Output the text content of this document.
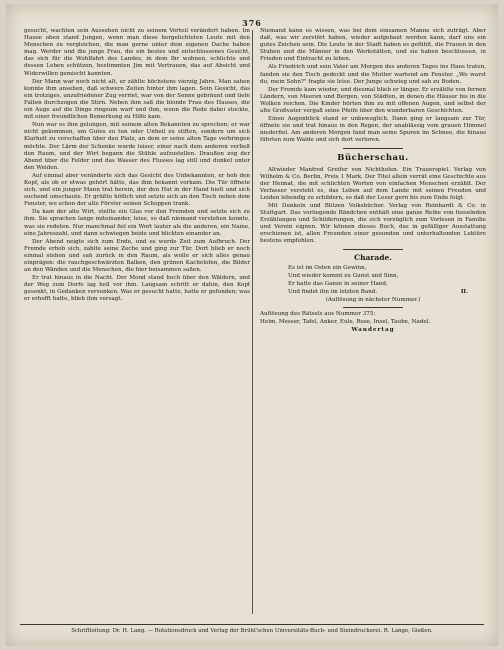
376

gesucht, wachten sein Aussehen nicht zu seinem Vorteil verändert haben. Im Hause oben stand Jungen, wenn man diese hergelichteten Leute mit den Menschen zu vergleichen, die man gerne unter dem eigenen Dache haben mag. Werder und die junge Frau, die ein bestes und entschlossenes Gesicht, das sich für die Wohlfahrt des Landes, in dem Ihr wohnen, schlichte und dessen Leben schützen, bestimmten Jim mit Vertrauen, das auf Absicht und Widerwillen gemischt kannten.

Der Mann war noch nicht alt, er zählte höchstens vierzig Jahre. Man sahen konnte ihm ansehen, daß schwere Zeiten hinter ihm lagen. Sein Gesicht, das ein trotziges, unzufriedener Zug verriet, war von der Sonne gebräunt und tiefe Falten durchzogen die Stirn. Neben ihm saß die blonde Frau des Hauses, die ein Auge auf die Dinge ringsum warf und ihm, wenn die Rede dabei stockte, mit einer freundlichen Bemerkung zu Hilfe kam.

Nun war es ihm gelungen, mit seinem alten Bekannten zu sprechen; er war nicht gekommen, um Gutes zu tun oder Unheil zu stiften, sondern um sich Klarheit zu verschaffen über den Platz, an dem er seine alten Tage verbringen möchte. Der Lärm der Schenke wurde leiser, einer nach dem anderen verließ den Raum, und der Wirt begann die Stühle aufzustellen. Draußen zog der Abend über die Felder und das Wasser des Flusses lag still und dunkel unter den Weiden.

Auf einmal aber veränderte sich das Gesicht des Unbekannten, er hob den Kopf, als ob er etwas gehört hätte, das ihm bekannt vorkam. Die Tür öffnete sich, und ein junger Mann trat herein, der den Hut in der Hand hielt und sich suchend umschaute. Er grüßte höflich und setzte sich an den Tisch neben dem Fenster, wo schon der alte Förster seinen Schoppen trank.

Da kam der alte Wirt, stellte ein Glas vor den Fremden und setzte sich zu ihm. Sie sprachen lange miteinander, leise, so daß niemand verstehen konnte, was sie redeten. Nur manchmal fiel ein Wort lauter als die anderen, ein Name, eine Jahreszahl, und dann schwiegen beide und blickten einander an.

Der Abend neigte sich zum Ende, und es wurde Zeit zum Aufbruch. Der Fremde erhob sich, zahlte seine Zeche und ging zur Tür. Dort blieb er noch einmal stehen und sah zurück in den Raum, als wolle er sich alles genau einprägen: die rauchgeschwärzten Balken, den grünen Kachelofen, die Bilder an den Wänden und die Menschen, die hier beisammen saßen.

Er trat hinaus in die Nacht. Der Mond stand hoch über den Wäldern, und der Weg zum Dorfe lag hell vor ihm. Langsam schritt er dahin, den Kopf gesenkt, in Gedanken versunken. Was er gesucht hatte, hatte er gefunden; was er erhofft hatte, blieb ihm versagt.

Niemand kann es wissen, was bei dem einsamen Manne sich zuträgt. Aber daß, was wir zerstört haben, wieder aufgebaut werden kann, darf uns ein gutes Zeichen sein. Die Leute in der Stadt haben es gefühlt, die Frauen in den Stuben und die Männer in den Werkstätten, und sie haben beschlossen, in Frieden und Eintracht zu leben.

Als Friedrich und sein Vater am Morgen des anderen Tages ins Haus traten, fanden sie den Tisch gedeckt und die Mutter wartend am Fenster. „Wo warst du, mein Sohn?" fragte sie leise. Der Junge schwieg und sah zu Boden.

Der Fremde kam wieder, und diesmal blieb er länger. Er erzählte von fernen Ländern, von Meeren und Bergen, von Städten, in denen die Häuser bis in die Wolken reichen. Die Kinder hörten ihm zu mit offenen Augen, und selbst der alte Großvater vergaß seine Pfeife über den wunderbaren Geschichten.

Einen Augenblick stand er unbeweglich. Dann ging er langsam zur Tür, öffnete sie und trat hinaus in den Regen, der unablässig vom grauen Himmel niederfiel. Am anderen Morgen fand man seine Spuren im Schnee, die hinaus führten zum Walde und sich dort verloren.

Bücherschau.

Altwieder Manfred Greifer von Nichtholen. Ein Trauerspiel. Verlag von Wilhelm & Co. Berlin, Preis 1 Mark. Der Titel allein verrät eine Geschichte aus der Heimat, die mit schlichten Worten von einfachen Menschen erzählt. Der Verfasser versteht es, das Leben auf dem Lande mit seinen Freuden und Leiden lebendig zu schildern, so daß der Leser gern bis zum Ende folgt.

Mit Dunkeln und Blitzen Volksbücher. Verlag von Reinhardt & Co. in Stuttgart. Das vorliegende Bändchen enthält eine ganze Reihe von fesselnden Erzählungen und Schilderungen, die sich vorzüglich zum Vorlesen in Familie und Verein eignen. Wir können dieses Buch, das in gefälliger Ausstattung erschienen ist, allen Freunden einer gesunden und unterhaltenden Lektüre bestens empfehlen.

Charade.

Es ist im Osten ein Gewinn,

Und wieder kommt zu Gunst und Sinn,

Er hatte das Ganze in seiner Hand,

II.
Und findet ihn im letzten Band.

(Auflösung in nächster Nummer.)

Auflösung des Rätsels aus Nummer 375:

Helm, Messer, Tafel, Anker, Eule, Rose, Insel, Taube, Nadel.

Wandertag

Schriftleitung: Dr. H. Lang. — Rotationsdruck und Verlag der Brühl'schen Universitäts-Buch- und Steindruckerei. R. Lange, Gießen.
